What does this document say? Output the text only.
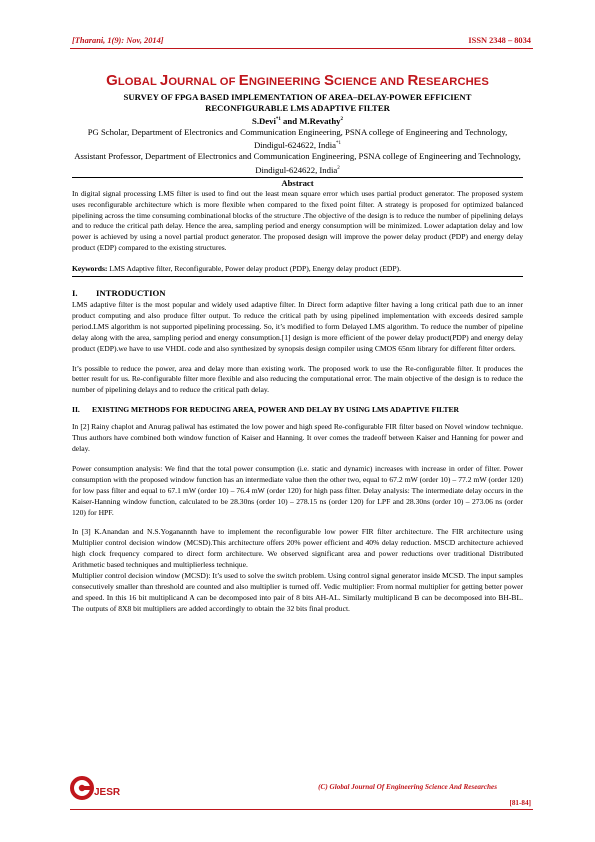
[Tharani, 1(9): Nov, 2014]	ISSN 2348 – 8034
GLOBAL JOURNAL OF ENGINEERING SCIENCE AND RESEARCHES
SURVEY OF FPGA BASED IMPLEMENTATION OF AREA–DELAY-POWER EFFICIENT
RECONFIGURABLE LMS ADAPTIVE FILTER
S.Devi$^{*1}$ and M.Revathy$^2$
PG Scholar, Department of Electronics and Communication Engineering, PSNA college of Engineering and Technology, Dindigul-624622, India$^{*1}$
Assistant Professor, Department of Electronics and Communication Engineering, PSNA college of Engineering and Technology, Dindigul-624622, India$^2$
Abstract

In digital signal processing LMS filter is used to find out the least mean square error which uses partial product generator. The proposed system uses reconfigurable architecture which is more flexible when compared to the fixed point filter. A strategy is proposed for optimized balanced pipelining across the time consuming combinational blocks of the structure .The objective of the design is to reduce the number of pipelining delays and to reduce the critical path delay. Hence the area, sampling period and energy consumption will be minimized. Lower adaptation delay and low power is achieved by using a novel partial product generator. The proposed design will improve the power delay product (PDP) and energy delay product (EDP) compared to the existing structures.

Keywords: LMS Adaptive filter, Reconfigurable, Power delay product (PDP), Energy delay product (EDP).

I.	INTRODUCTION

LMS adaptive filter is the most popular and widely used adaptive filter. In Direct form adaptive filter having a long critical path due to an inner product computing and also produce filter output. To reduce the critical path by using pipelined implementation with exceeds desired sample period.LMS algorithm is not supported pipelining processing. So, it’s modified to form Delayed LMS algorithm. To reduce the number of pipeline delay along with the area, sampling period and energy consumption.[1] design is more efficient of the power delay product(PDP) and energy delay product (EDP).we have to use VHDL code and also synthesized by synopsis design compiler using CMOS 65nm library for different filter orders.

It’s possible to reduce the power, area and delay more than existing work. The proposed work to use the Re-configurable filter. It produces the better result for us. Re-configurable filter more flexible and also reducing the computational error. The main objective of the design is to reduce the number of pipelining delays and to reduce the critical path delay.

II.	EXISTING METHODS FOR REDUCING AREA, POWER AND DELAY BY USING LMS ADAPTIVE FILTER

In [2] Rainy chaplot and Anurag paliwal has estimated the low power and high speed Re-configurable FIR filter based on Novel window technique. Thus authors have combined both window function of Kaiser and Hanning. It over comes the tradeoff between Kaiser and Hanning for power and delay.

Power consumption analysis: We find that the total power consumption (i.e. static and dynamic) increases with increase in order of filter. Power consumption with the proposed window function has an intermediate value then the other two, equal to 67.2 mW (order 10) – 77.2 mW (order 120) for low pass filter and equal to 67.1 mW (order 10) – 76.4 mW (order 120) for high pass filter. Delay analysis: The intermediate delay occurs in the Kaiser-Hanning window function, calculated to be 28.30ns (order 10) – 278.15 ns (order 120) for LPF and 28.30ns (order 10) – 273.06 ns (order 120) for HPF.

In [3] K.Anandan and N.S.Yoganannth have to implement the reconfigurable low power FIR filter architecture. The FIR architecture using Multiplier control decision window (MCSD).This architecture offers 20% power efficient and 40% delay reduction. MSCD architecture achieved high clock frequency compared to direct form architecture. We observed significant area and power reductions over traditional Distributed Arithmetic based techniques and multiplierless technique.

Multiplier control decision window (MCSD): It’s used to solve the switch problem. Using control signal generator inside MCSD. The input samples consecutively smaller than threshold are counted and also multiplier is turned off. Vedic multiplier: From normal multiplier for getting better power and speed. In this 16 bit multiplicand A can be decomposed into pair of 8 bits AH-AL. Similarly multiplicand B can be decomposed into BH-BL. The outputs of 8X8 bit multipliers are added accordingly to obtain the 32 bits final product.

JESR	(C) Global Journal Of Engineering Science And Researches
[81-84]
